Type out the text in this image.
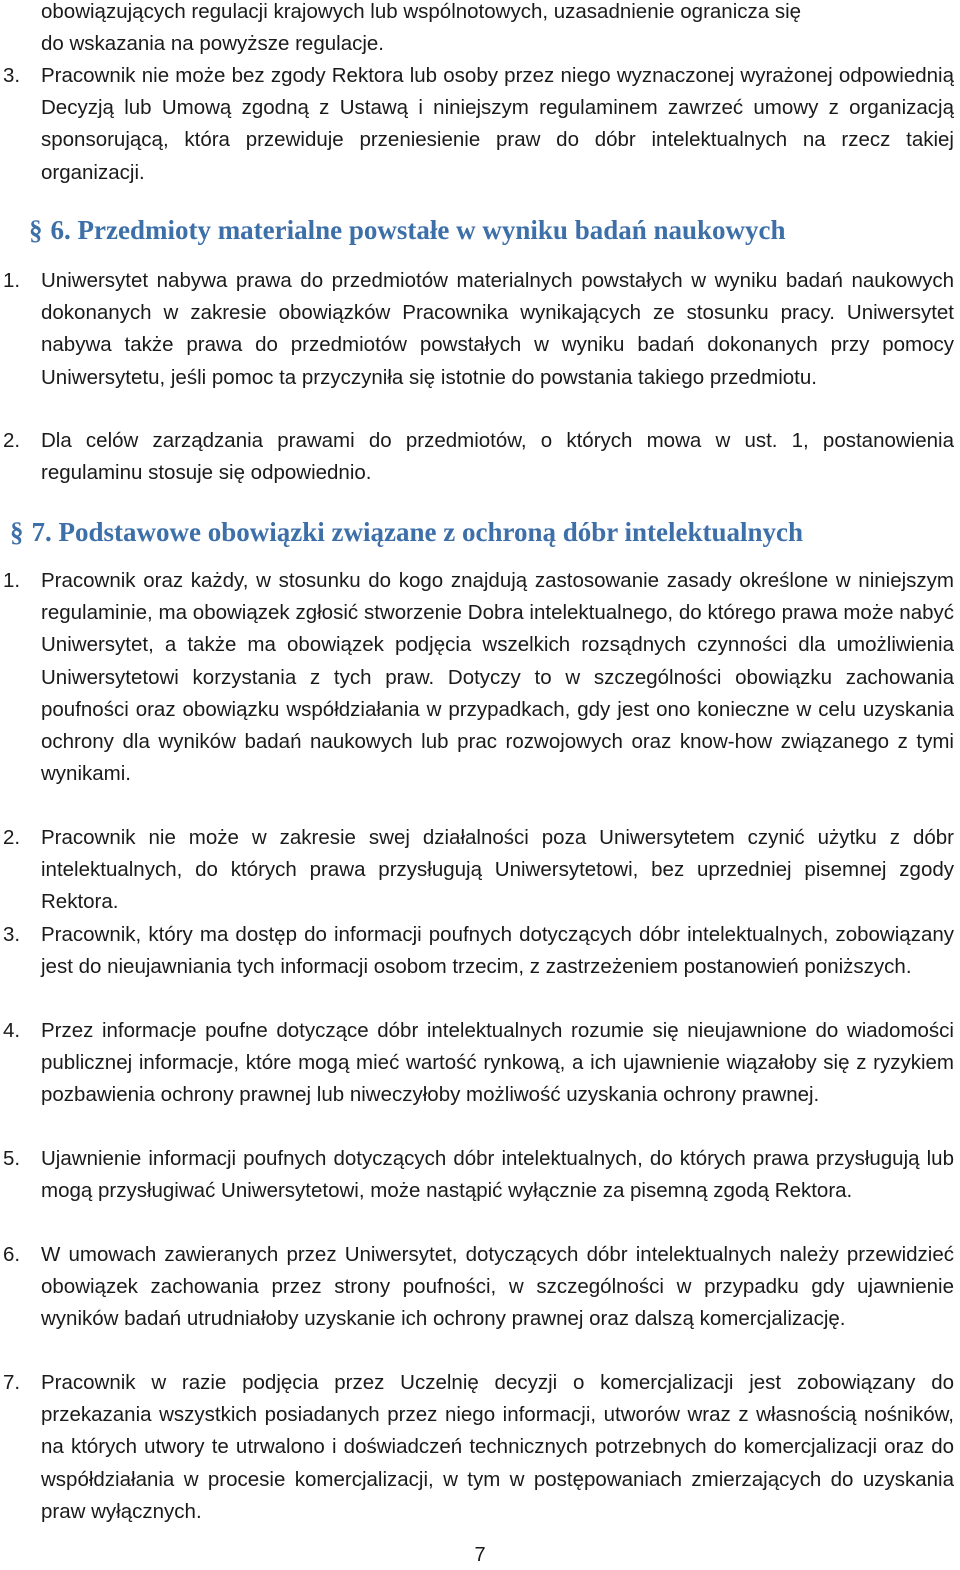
obowiązujących regulacji krajowych lub wspólnotowych, uzasadnienie ogranicza się
do wskazania na powyższe regulacje.
3. Pracownik nie może bez zgody Rektora lub osoby przez niego wyznaczonej wyrażonej odpowiednią Decyzją lub Umową zgodną z Ustawą i niniejszym regulaminem zawrzeć umowy z organizacją sponsorującą, która przewiduje przeniesienie praw do dóbr intelektualnych na rzecz takiej organizacji.
§ 6. Przedmioty materialne powstałe w wyniku badań naukowych
1. Uniwersytet nabywa prawa do przedmiotów materialnych powstałych w wyniku badań naukowych dokonanych w zakresie obowiązków Pracownika wynikających ze stosunku pracy. Uniwersytet nabywa także prawa do przedmiotów powstałych w wyniku badań dokonanych przy pomocy Uniwersytetu, jeśli pomoc ta przyczyniła się istotnie do powstania takiego przedmiotu.
2. Dla celów zarządzania prawami do przedmiotów, o których mowa w ust. 1, postanowienia regulaminu stosuje się odpowiednio.
§ 7. Podstawowe obowiązki związane z ochroną dóbr intelektualnych
1. Pracownik oraz każdy, w stosunku do kogo znajdują zastosowanie zasady określone w niniejszym regulaminie, ma obowiązek zgłosić stworzenie Dobra intelektualnego, do którego prawa może nabyć Uniwersytet, a także ma obowiązek podjęcia wszelkich rozsądnych czynności dla umożliwienia Uniwersytetowi korzystania z tych praw. Dotyczy to w szczególności obowiązku zachowania poufności oraz obowiązku współdziałania w przypadkach, gdy jest ono konieczne w celu uzyskania ochrony dla wyników badań naukowych lub prac rozwojowych oraz know-how związanego z tymi wynikami.
2. Pracownik nie może w zakresie swej działalności poza Uniwersytetem czynić użytku z dóbr intelektualnych, do których prawa przysługują Uniwersytetowi, bez uprzedniej pisemnej zgody Rektora.
3. Pracownik, który ma dostęp do informacji poufnych dotyczących dóbr intelektualnych, zobowiązany jest do nieujawniania tych informacji osobom trzecim, z zastrzeżeniem postanowień poniższych.
4. Przez informacje poufne dotyczące dóbr intelektualnych rozumie się nieujawnione do wiadomości publicznej informacje, które mogą mieć wartość rynkową, a ich ujawnienie wiązałoby się z ryzykiem pozbawienia ochrony prawnej lub niweczyłoby możliwość uzyskania ochrony prawnej.
5. Ujawnienie informacji poufnych dotyczących dóbr intelektualnych, do których prawa przysługują lub mogą przysługiwać Uniwersytetowi, może nastąpić wyłącznie za pisemną zgodą Rektora.
6. W umowach zawieranych przez Uniwersytet, dotyczących dóbr intelektualnych należy przewidzieć obowiązek zachowania przez strony poufności, w szczególności w przypadku gdy ujawnienie wyników badań utrudniałoby uzyskanie ich ochrony prawnej oraz dalszą komercjalizację.
7. Pracownik w razie podjęcia przez Uczelnię decyzji o komercjalizacji jest zobowiązany do przekazania wszystkich posiadanych przez niego informacji, utworów wraz z własnością nośników, na których utwory te utrwalono i doświadczeń technicznych potrzebnych do komercjalizacji oraz do współdziałania w procesie komercjalizacji, w tym w postępowaniach zmierzających do uzyskania praw wyłącznych.
7
